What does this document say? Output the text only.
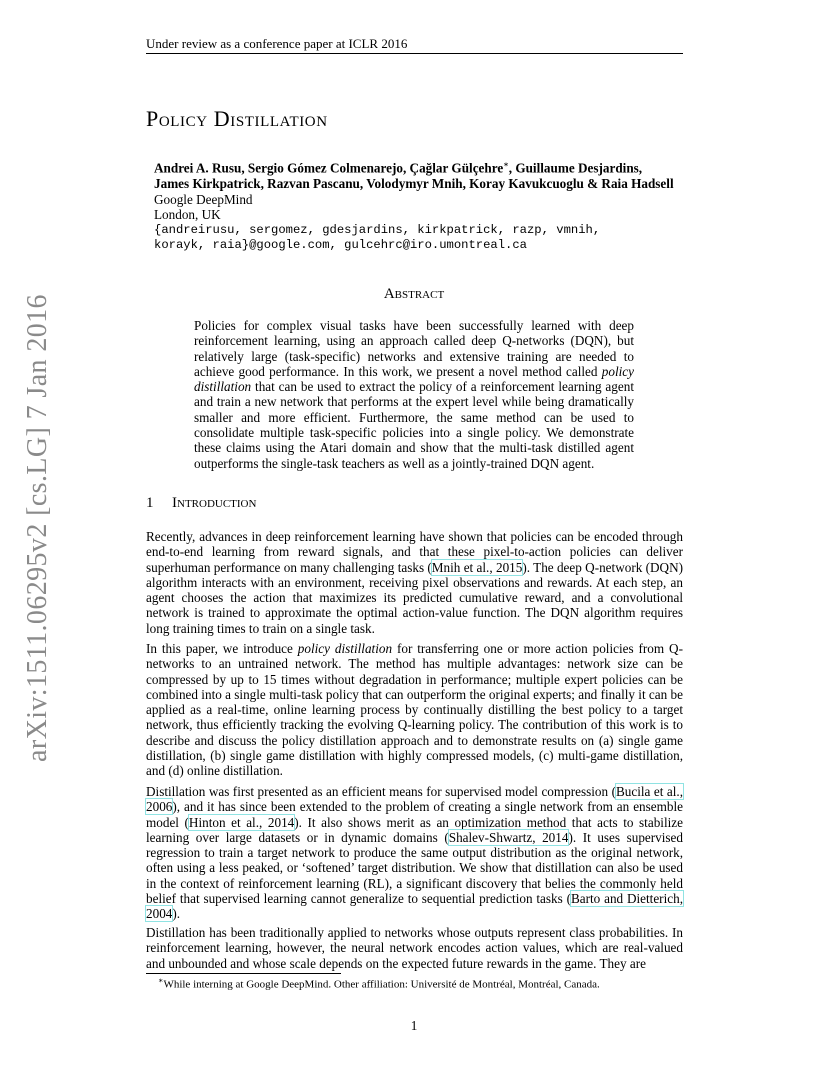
Under review as a conference paper at ICLR 2016
arXiv:1511.06295v2 [cs.LG] 7 Jan 2016
Policy Distillation
Andrei A. Rusu, Sergio Gómez Colmenarejo, Çağlar Gülçehre∗, Guillaume Desjardins,
James Kirkpatrick, Razvan Pascanu, Volodymyr Mnih, Koray Kavukcuoglu & Raia Hadsell
Google DeepMind
London, UK
{andreirusu, sergomez, gdesjardins, kirkpatrick, razp, vmnih,
korayk, raia}@google.com, gulcehrc@iro.umontreal.ca
Abstract
Policies for complex visual tasks have been successfully learned with deep reinforcement learning, using an approach called deep Q-networks (DQN), but relatively large (task-specific) networks and extensive training are needed to achieve good performance. In this work, we present a novel method called policy distillation that can be used to extract the policy of a reinforcement learning agent and train a new network that performs at the expert level while being dramatically smaller and more efficient. Furthermore, the same method can be used to consolidate multiple task-specific policies into a single policy. We demonstrate these claims using the Atari domain and show that the multi-task distilled agent outperforms the single-task teachers as well as a jointly-trained DQN agent.
1 Introduction
Recently, advances in deep reinforcement learning have shown that policies can be encoded through end-to-end learning from reward signals, and that these pixel-to-action policies can deliver superhuman performance on many challenging tasks (Mnih et al., 2015). The deep Q-network (DQN) algorithm interacts with an environment, receiving pixel observations and rewards. At each step, an agent chooses the action that maximizes its predicted cumulative reward, and a convolutional network is trained to approximate the optimal action-value function. The DQN algorithm requires long training times to train on a single task.
In this paper, we introduce policy distillation for transferring one or more action policies from Q-networks to an untrained network. The method has multiple advantages: network size can be compressed by up to 15 times without degradation in performance; multiple expert policies can be combined into a single multi-task policy that can outperform the original experts; and finally it can be applied as a real-time, online learning process by continually distilling the best policy to a target network, thus efficiently tracking the evolving Q-learning policy. The contribution of this work is to describe and discuss the policy distillation approach and to demonstrate results on (a) single game distillation, (b) single game distillation with highly compressed models, (c) multi-game distillation, and (d) online distillation.
Distillation was first presented as an efficient means for supervised model compression (Bucila et al., 2006), and it has since been extended to the problem of creating a single network from an ensemble model (Hinton et al., 2014). It also shows merit as an optimization method that acts to stabilize learning over large datasets or in dynamic domains (Shalev-Shwartz, 2014). It uses supervised regression to train a target network to produce the same output distribution as the original network, often using a less peaked, or ‘softened’ target distribution. We show that distillation can also be used in the context of reinforcement learning (RL), a significant discovery that belies the commonly held belief that supervised learning cannot generalize to sequential prediction tasks (Barto and Dietterich, 2004).
Distillation has been traditionally applied to networks whose outputs represent class probabilities. In reinforcement learning, however, the neural network encodes action values, which are real-valued and unbounded and whose scale depends on the expected future rewards in the game. They are
∗While interning at Google DeepMind. Other affiliation: Université de Montréal, Montréal, Canada.
1
